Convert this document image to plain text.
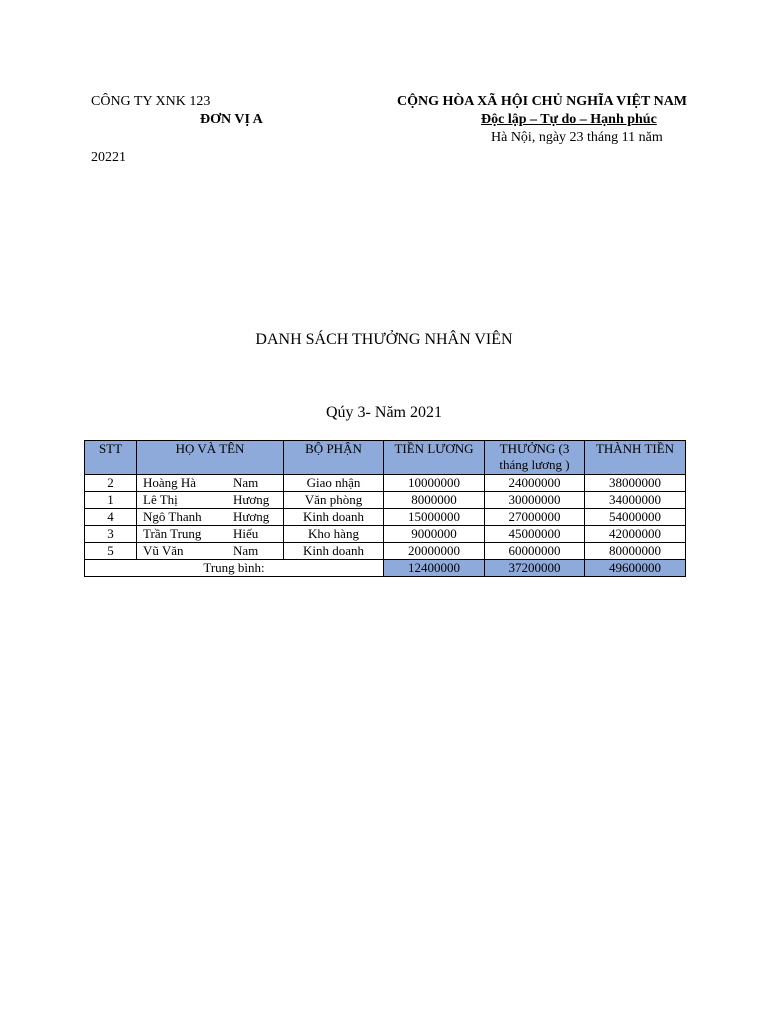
CÔNG TY XNK 123
ĐƠN VỊ A
CỘNG HÒA XÃ HỘI CHỦ NGHĨA VIỆT NAM
Độc lập – Tự do – Hạnh phúc
Hà Nội, ngày 23 tháng 11 năm
20221
DANH SÁCH THƯỞNG NHÂN VIÊN
Qúy 3- Năm 2021
STT	HỌ VÀ TÊN	BỘ PHẬN	TIỀN LƯƠNG	THƯỞNG (3 tháng lương )	THÀNH TIỀN
2	Hoàng Hà Nam	Giao nhận	10000000	24000000	38000000
1	Lê Thị Hương	Văn phòng	8000000	30000000	34000000
4	Ngô Thanh Hương	Kinh doanh	15000000	27000000	54000000
3	Trần Trung Hiếu	Kho hàng	9000000	45000000	42000000
5	Vũ Văn Nam	Kinh doanh	20000000	60000000	80000000
Trung bình:			12400000	37200000	49600000
